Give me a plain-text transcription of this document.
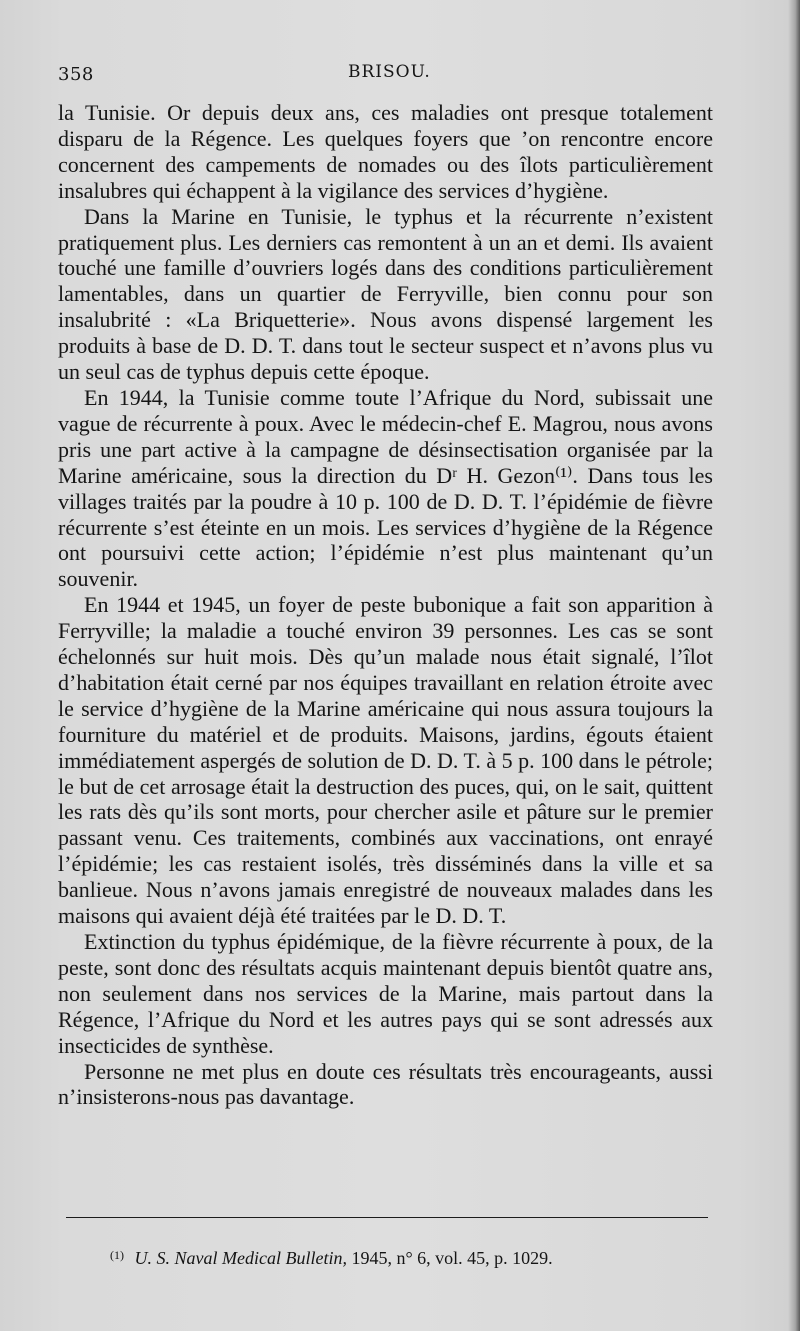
358	BRISOU.

la Tunisie. Or depuis deux ans, ces maladies ont presque totalement disparu de la Régence. Les quelques foyers que ’on rencontre encore concernent des campements de nomades ou des îlots particulièrement insalubres qui échappent à la vigilance des services d’hygiène.

Dans la Marine en Tunisie, le typhus et la récurrente n’existent pratiquement plus. Les derniers cas remontent à un an et demi. Ils avaient touché une famille d’ouvriers logés dans des conditions particulièrement lamentables, dans un quartier de Ferryville, bien connu pour son insalubrité : «La Briquetterie». Nous avons dispensé largement les produits à base de D. D. T. dans tout le secteur suspect et n’avons plus vu un seul cas de typhus depuis cette époque.

En 1944, la Tunisie comme toute l’Afrique du Nord, subissait une vague de récurrente à poux. Avec le médecin-chef E. Magrou, nous avons pris une part active à la campagne de désinsectisation organisée par la Marine américaine, sous la direction du Dʳ H. Gezon⁽¹⁾. Dans tous les villages traités par la poudre à 10 p. 100 de D. D. T. l’épidémie de fièvre récurrente s’est éteinte en un mois. Les services d’hygiène de la Régence ont poursuivi cette action; l’épidémie n’est plus maintenant qu’un souvenir.

En 1944 et 1945, un foyer de peste bubonique a fait son apparition à Ferryville; la maladie a touché environ 39 personnes. Les cas se sont échelonnés sur huit mois. Dès qu’un malade nous était signalé, l’îlot d’habitation était cerné par nos équipes travaillant en relation étroite avec le service d’hygiène de la Marine américaine qui nous assura toujours la fourniture du matériel et de produits. Maisons, jardins, égouts étaient immédiatement aspergés de solution de D. D. T. à 5 p. 100 dans le pétrole; le but de cet arrosage était la destruction des puces, qui, on le sait, quittent les rats dès qu’ils sont morts, pour chercher asile et pâture sur le premier passant venu. Ces traitements, combinés aux vaccinations, ont enrayé l’épidémie; les cas restaient isolés, très disséminés dans la ville et sa banlieue. Nous n’avons jamais enregistré de nouveaux malades dans les maisons qui avaient déjà été traitées par le D. D. T.

Extinction du typhus épidémique, de la fièvre récurrente à poux, de la peste, sont donc des résultats acquis maintenant depuis bientôt quatre ans, non seulement dans nos services de la Marine, mais partout dans la Régence, l’Afrique du Nord et les autres pays qui se sont adressés aux insecticides de synthèse.

Personne ne met plus en doute ces résultats très encourageants, aussi n’insisterons-nous pas davantage.

$^{(1)}$ U. S. Naval Medical Bulletin, 1945, n° 6, vol. 45, p. 1029.
